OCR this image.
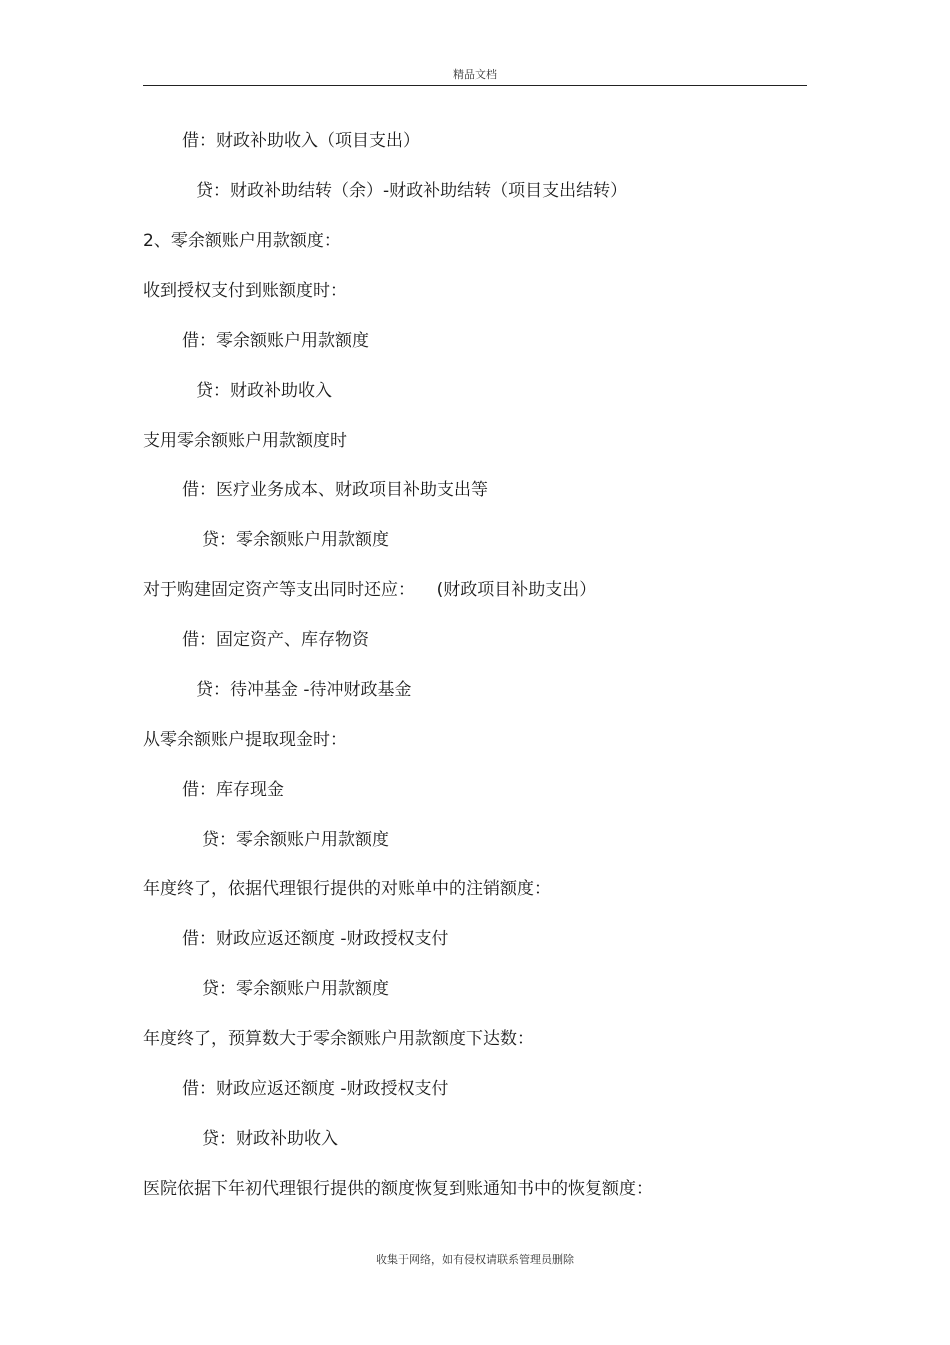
精品文档
借：财政补助收入（项目支出）
贷：财政补助结转（余）-财政补助结转（项目支出结转）
2、零余额账户用款额度：
收到授权支付到账额度时：
借：零余额账户用款额度
贷：财政补助收入
支用零余额账户用款额度时
借：医疗业务成本、财政项目补助支出等
贷：零余额账户用款额度
对于购建固定资产等支出同时还应：    (财政项目补助支出）
借：固定资产、库存物资
贷：待冲基金 -待冲财政基金
从零余额账户提取现金时：
借：库存现金
贷：零余额账户用款额度
年度终了，依据代理银行提供的对账单中的注销额度：
借：财政应返还额度 -财政授权支付
贷：零余额账户用款额度
年度终了，预算数大于零余额账户用款额度下达数：
借：财政应返还额度 -财政授权支付
贷：财政补助收入
医院依据下年初代理银行提供的额度恢复到账通知书中的恢复额度：
收集于网络，如有侵权请联系管理员删除
